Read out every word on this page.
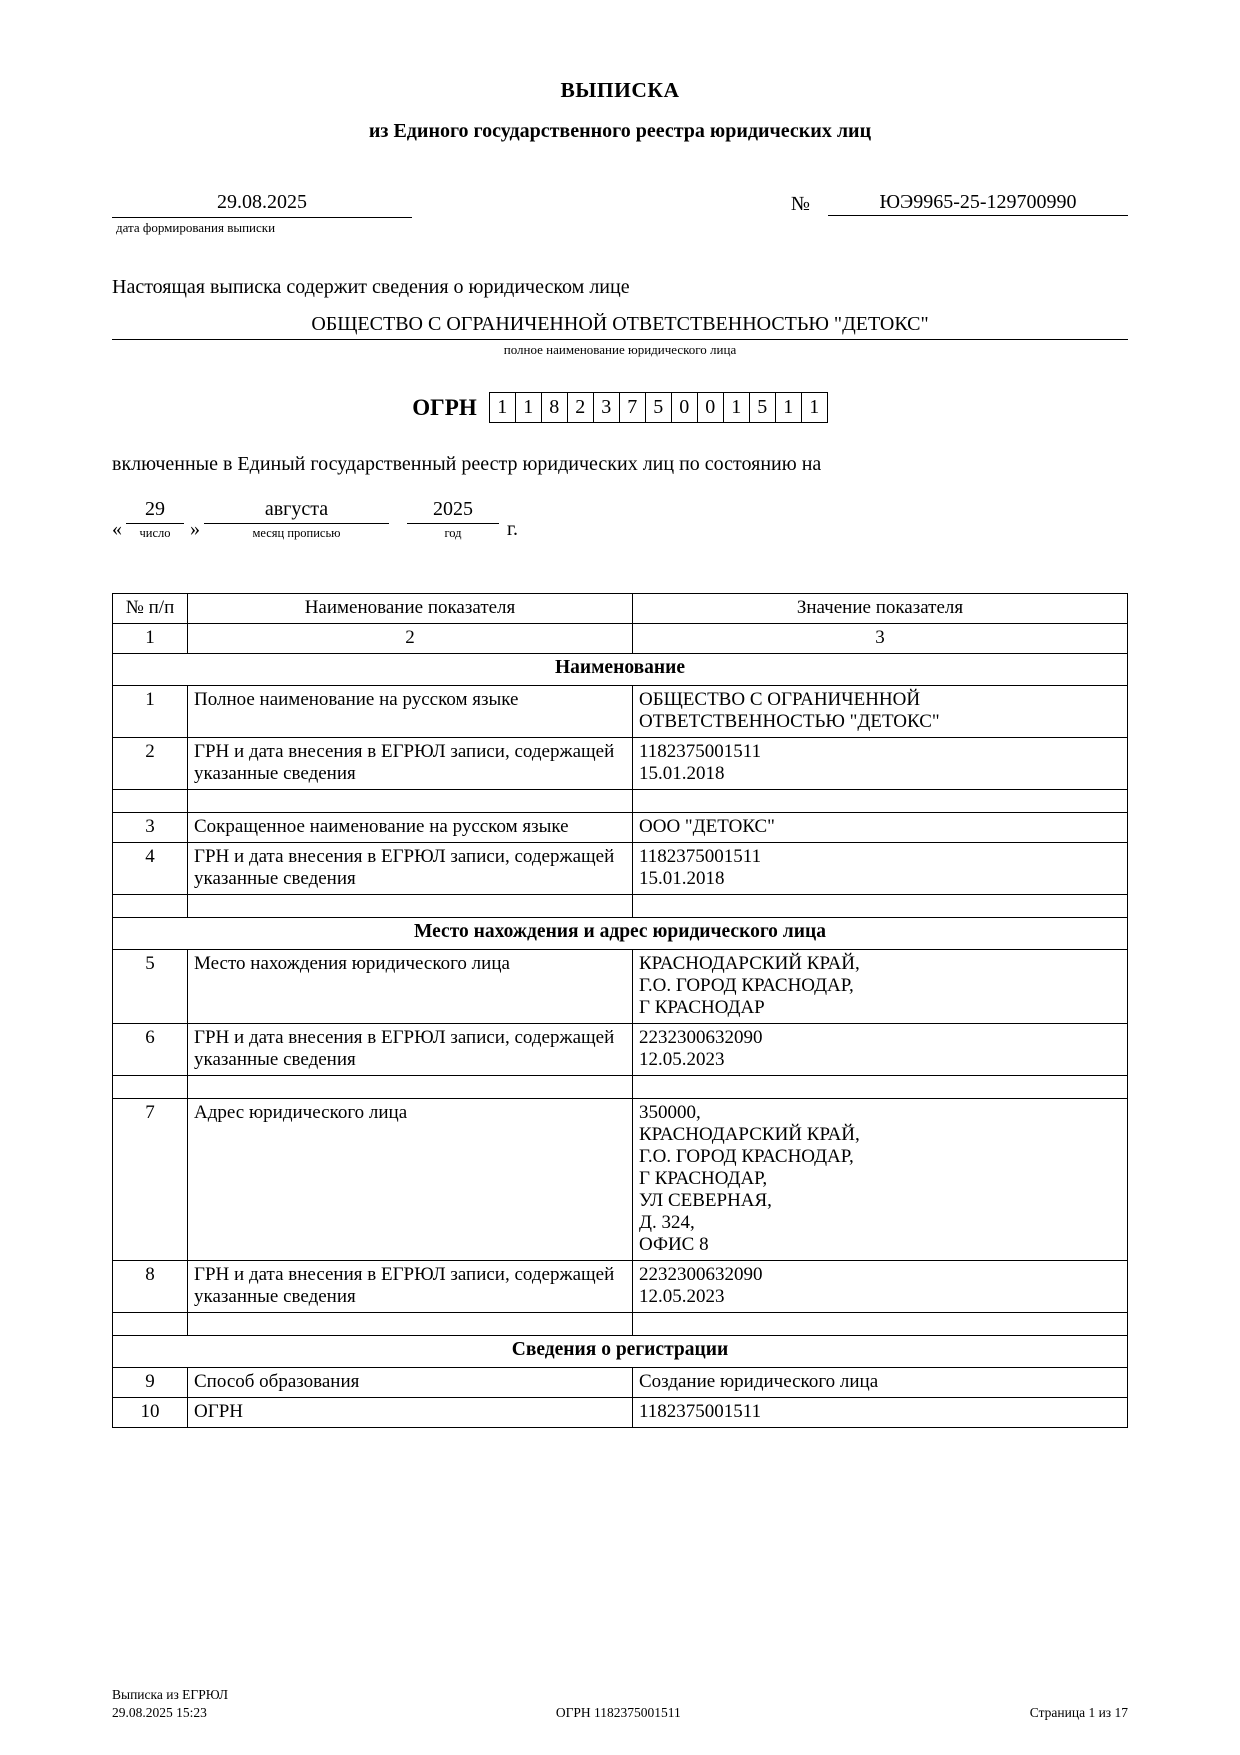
ВЫПИСКА
из Единого государственного реестра юридических лиц
29.08.2025
дата формирования выписки
№	ЮЭ9965-25-129700990
Настоящая выписка содержит сведения о юридическом лице
ОБЩЕСТВО С ОГРАНИЧЕННОЙ ОТВЕТСТВЕННОСТЬЮ "ДЕТОКС"
полное наименование юридического лица
ОГРН	1 1 8 2 3 7 5 0 0 1 5 1 1
включенные в Единый государственный реестр юридических лиц по состоянию на
«
29
число »
августа
месяц прописью
2025
год	г.
№ п/п	Наименование показателя	Значение показателя
1	2	3
Наименование		
1	Полное наименование на русском языке	ОБЩЕСТВО С ОГРАНИЧЕННОЙ ОТВЕТСТВЕННОСТЬЮ "ДЕТОКС"
2	ГРН и дата внесения в ЕГРЮЛ записи, содержащей указанные сведения	1182375001511
15.01.2018

3	Сокращенное наименование на русском языке	ООО "ДЕТОКС"
4	ГРН и дата внесения в ЕГРЮЛ записи, содержащей указанные сведения	1182375001511
15.01.2018

Место нахождения и адрес юридического лица		
5	Место нахождения юридического лица	КРАСНОДАРСКИЙ КРАЙ,
Г.О. ГОРОД КРАСНОДАР,
Г КРАСНОДАР
6	ГРН и дата внесения в ЕГРЮЛ записи, содержащей указанные сведения	2232300632090
12.05.2023

7	Адрес юридического лица	350000,
КРАСНОДАРСКИЙ КРАЙ,
Г.О. ГОРОД КРАСНОДАР,
Г КРАСНОДАР,
УЛ СЕВЕРНАЯ,
Д. 324,
ОФИС 8
8	ГРН и дата внесения в ЕГРЮЛ записи, содержащей указанные сведения	2232300632090
12.05.2023

Сведения о регистрации		
9	Способ образования	Создание юридического лица
10	ОГРН	1182375001511
Выписка из ЕГРЮЛ
29.08.2025 15:23	ОГРН 1182375001511	Страница 1 из 17
